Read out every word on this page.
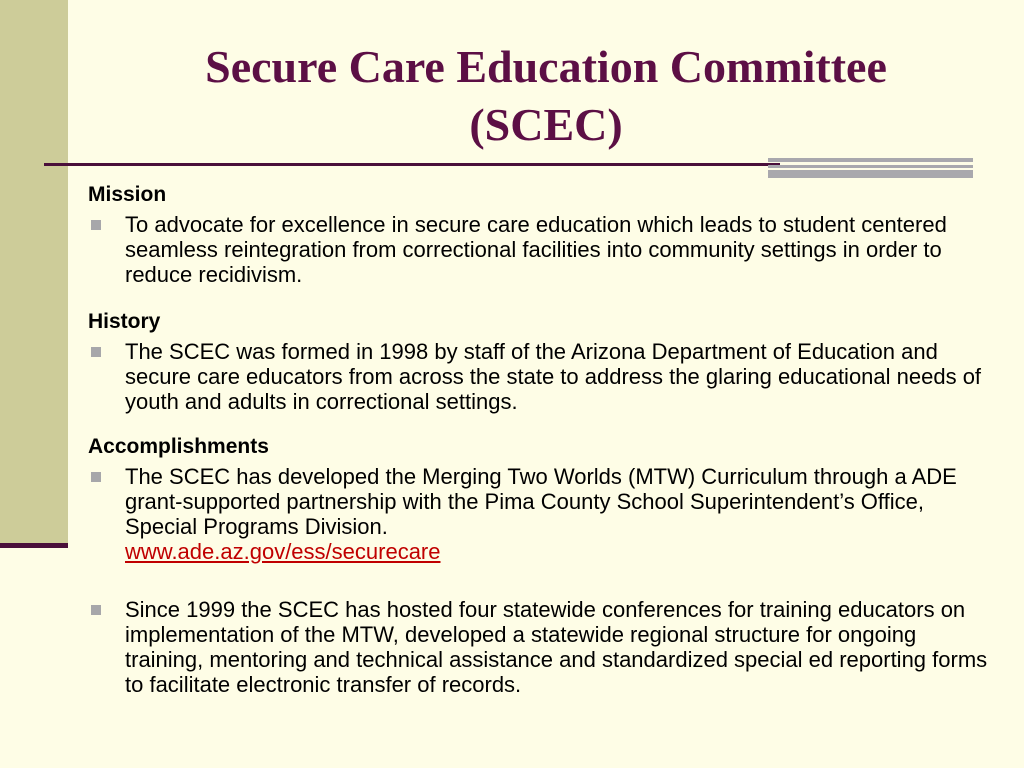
Secure Care Education Committee
(SCEC)
Mission
To advocate for excellence in secure care education which leads to student centered seamless reintegration from correctional facilities into community settings in order to reduce recidivism.
History
The SCEC was formed in 1998 by staff of the Arizona Department of Education and secure care educators from across the state to address the glaring educational needs of youth and adults in correctional settings.
Accomplishments
The SCEC has developed the Merging Two Worlds (MTW) Curriculum through a ADE grant-supported partnership with the Pima County School Superintendent’s Office, Special Programs Division.
www.ade.az.gov/ess/securecare
Since 1999 the SCEC has hosted four statewide conferences for training educators on implementation of the MTW, developed a statewide regional structure for ongoing training, mentoring and technical assistance and standardized special ed reporting forms to facilitate electronic transfer of records.
